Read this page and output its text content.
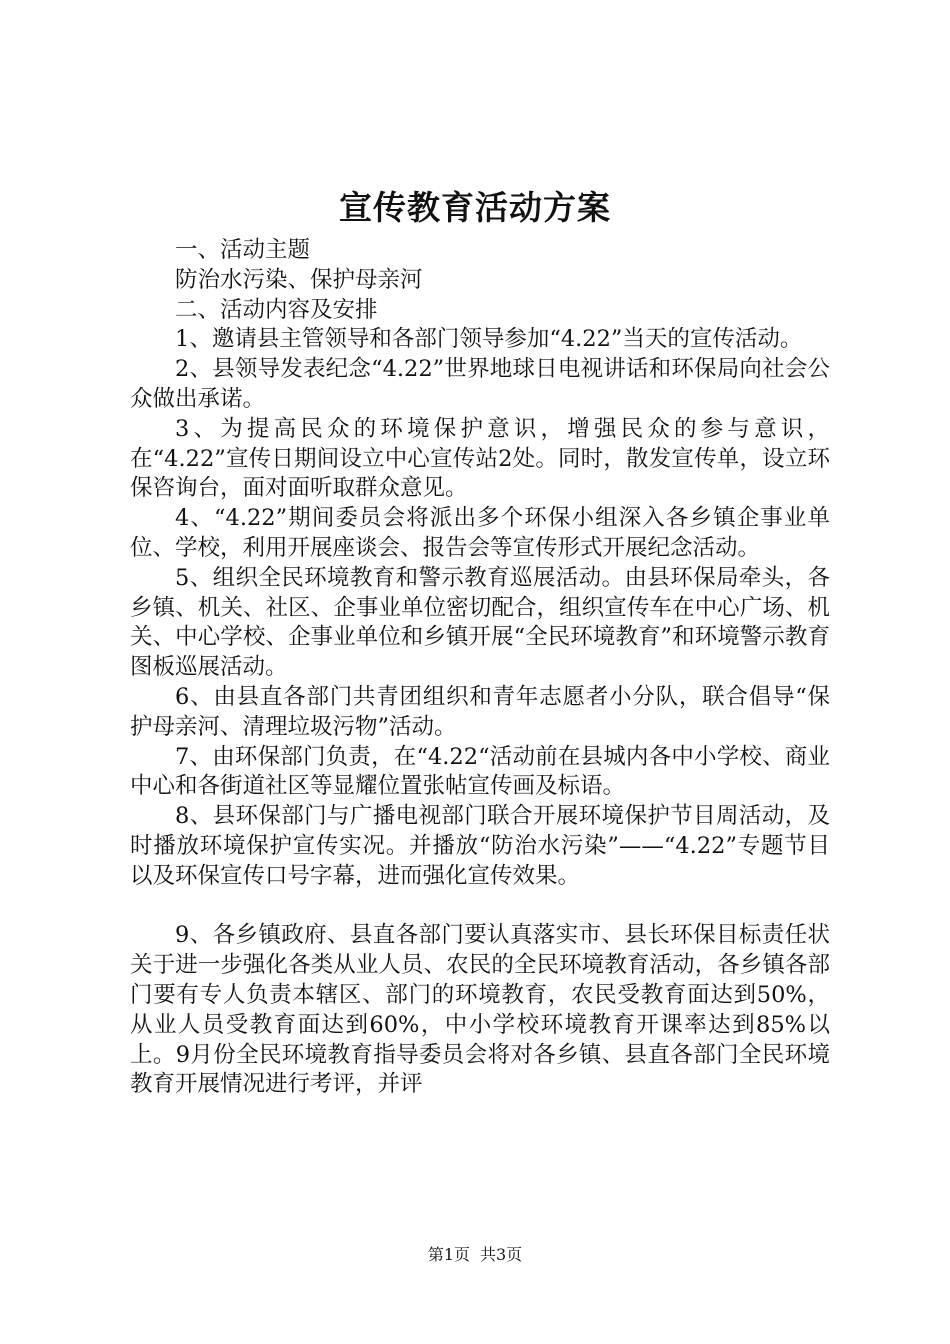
宣传教育活动方案

一、活动主题

防治水污染、保护母亲河

二、活动内容及安排

1、邀请县主管领导和各部门领导参加“4.22”当天的宣传活动。

2、县领导发表纪念“4.22”世界地球日电视讲话和环保局向社会公众做出承诺。

3、为提高民众的环境保护意识，增强民众的参与意识，在“4.22”宣传日期间设立中心宣传站2处。同时，散发宣传单，设立环保咨询台，面对面听取群众意见。

4、“4.22”期间委员会将派出多个环保小组深入各乡镇企事业单位、学校，利用开展座谈会、报告会等宣传形式开展纪念活动。

5、组织全民环境教育和警示教育巡展活动。由县环保局牵头，各乡镇、机关、社区、企事业单位密切配合，组织宣传车在中心广场、机关、中心学校、企事业单位和乡镇开展“全民环境教育”和环境警示教育图板巡展活动。

6、由县直各部门共青团组织和青年志愿者小分队，联合倡导“保护母亲河、清理垃圾污物”活动。

7、由环保部门负责，在“4.22“活动前在县城内各中小学校、商业中心和各街道社区等显耀位置张帖宣传画及标语。

8、县环保部门与广播电视部门联合开展环境保护节目周活动，及时播放环境保护宣传实况。并播放“防治水污染”——“4.22”专题节目以及环保宣传口号字幕，进而强化宣传效果。

9、各乡镇政府、县直各部门要认真落实市、县长环保目标责任状关于进一步强化各类从业人员、农民的全民环境教育活动，各乡镇各部门要有专人负责本辖区、部门的环境教育，农民受教育面达到50%，从业人员受教育面达到60%，中小学校环境教育开课率达到85%以上。9月份全民环境教育指导委员会将对各乡镇、县直各部门全民环境教育开展情况进行考评，并评

第1页 共3页
